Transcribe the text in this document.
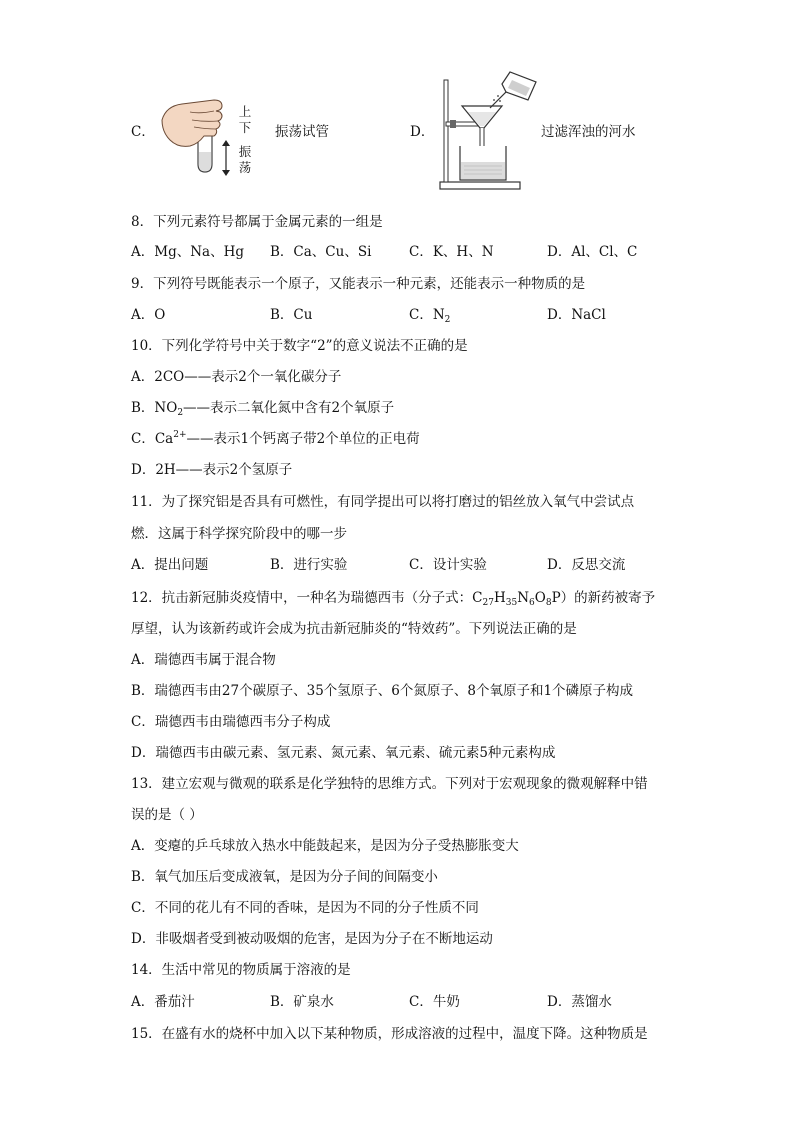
C．
上
下
振
荡
振荡试管	D．	过滤浑浊的河水
8．下列元素符号都属于金属元素的一组是
A．Mg、Na、Hg B．Ca、Cu、Si	C．K、H、N	D．Al、Cl、C
9．下列符号既能表示一个原子，又能表示一种元素，还能表示一种物质的是
A．O	B．Cu	C．$N_2$	D．NaCl
10．下列化学符号中关于数字“2”的意义说法不正确的是
A．2CO——表示2个一氧化碳分子
B．$NO_2——$表示二氧化氮中含有2个氧原子
C．$Ca^{2+}——$表示1个钙离子带2个单位的正电荷
D．2H——表示2个氢原子
11．为了探究铝是否具有可燃性，有同学提出可以将打磨过的铝丝放入氧气中尝试点
燃．这属于科学探究阶段中的哪一步
A．提出问题	B．进行实验	C．设计实验	D．反思交流
12．抗击新冠肺炎疫情中，一种名为瑞德西韦（分子式：$C_{27}H_{35}N_6O_8P$）的新药被寄予
厚望，认为该新药或许会成为抗击新冠肺炎的“特效药”。下列说法正确的是
A．瑞德西韦属于混合物
B．瑞德西韦由27个碳原子、35个氢原子、6个氮原子、8个氧原子和1个磷原子构成
C．瑞德西韦由瑞德西韦分子构成
D．瑞德西韦由碳元素、氢元素、氮元素、氧元素、硫元素5种元素构成
13．建立宏观与微观的联系是化学独特的思维方式。下列对于宏观现象的微观解释中错
误的是（ ）
A．变瘪的乒乓球放入热水中能鼓起来，是因为分子受热膨胀变大
B．氧气加压后变成液氧，是因为分子间的间隔变小
C．不同的花儿有不同的香味，是因为不同的分子性质不同
D．非吸烟者受到被动吸烟的危害，是因为分子在不断地运动
14．生活中常见的物质属于溶液的是
A．番茄汁	B．矿泉水	C．牛奶	D．蒸馏水
15．在盛有水的烧杯中加入以下某种物质，形成溶液的过程中，温度下降。这种物质是
